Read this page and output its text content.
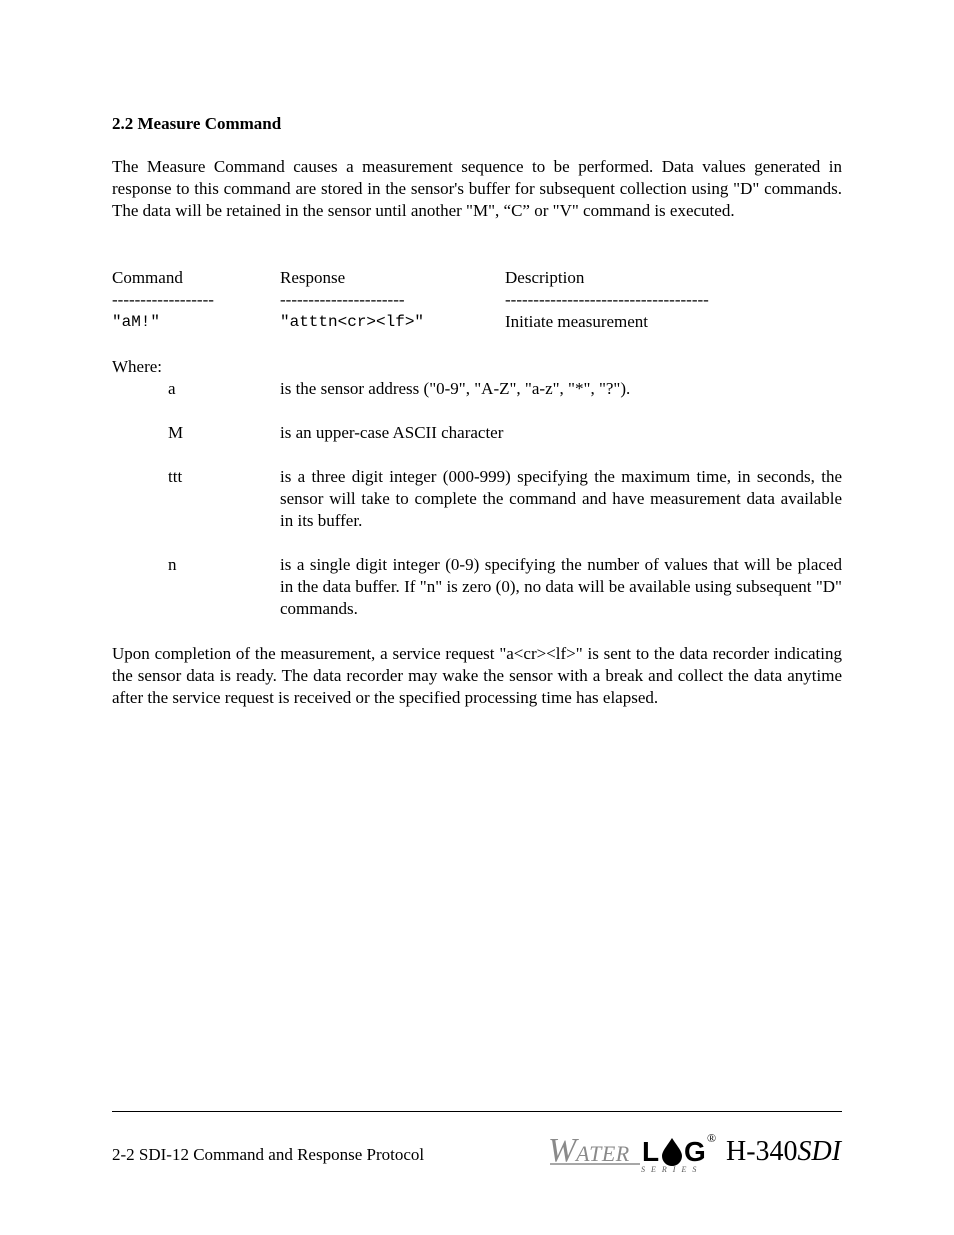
2.2 Measure Command
The Measure Command causes a measurement sequence to be performed. Data values generated in response to this command are stored in the sensor's buffer for subsequent collection using "D" commands. The data will be retained in the sensor until another "M", “C” or "V" command is executed.
Command	Response	Description
------------------	----------------------	------------------------------------
"aM!"	"atttn<cr><lf>"	Initiate measurement
Where:
a	is the sensor address ("0-9", "A-Z", "a-z", "*", "?").
M	is an upper-case ASCII character
ttt	is a three digit integer (000-999) specifying the maximum time, in seconds, the sensor will take to complete the command and have measurement data available in its buffer.
n	is a single digit integer (0-9) specifying the number of values that will be placed in the data buffer. If "n" is zero (0), no data will be available using subsequent "D" commands.
Upon completion of the measurement, a service request "a<cr><lf>" is sent to the data recorder indicating the sensor data is ready. The data recorder may wake the sensor with a break and collect the data anytime after the service request is received or the specified processing time has elapsed.
2-2 SDI-12 Command and Response Protocol	W ATER L G ®
S E R I E S
H-340SDI
